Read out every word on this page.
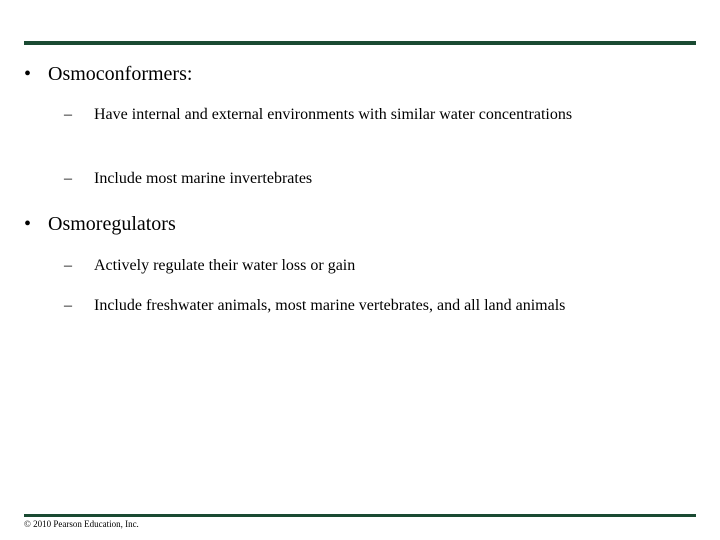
• Osmoconformers:
–	Have internal and external environments with similar water concentrations
–	Include most marine invertebrates
• Osmoregulators
–	Actively regulate their water loss or gain
–	Include freshwater animals, most marine vertebrates, and all land animals
© 2010 Pearson Education, Inc.
